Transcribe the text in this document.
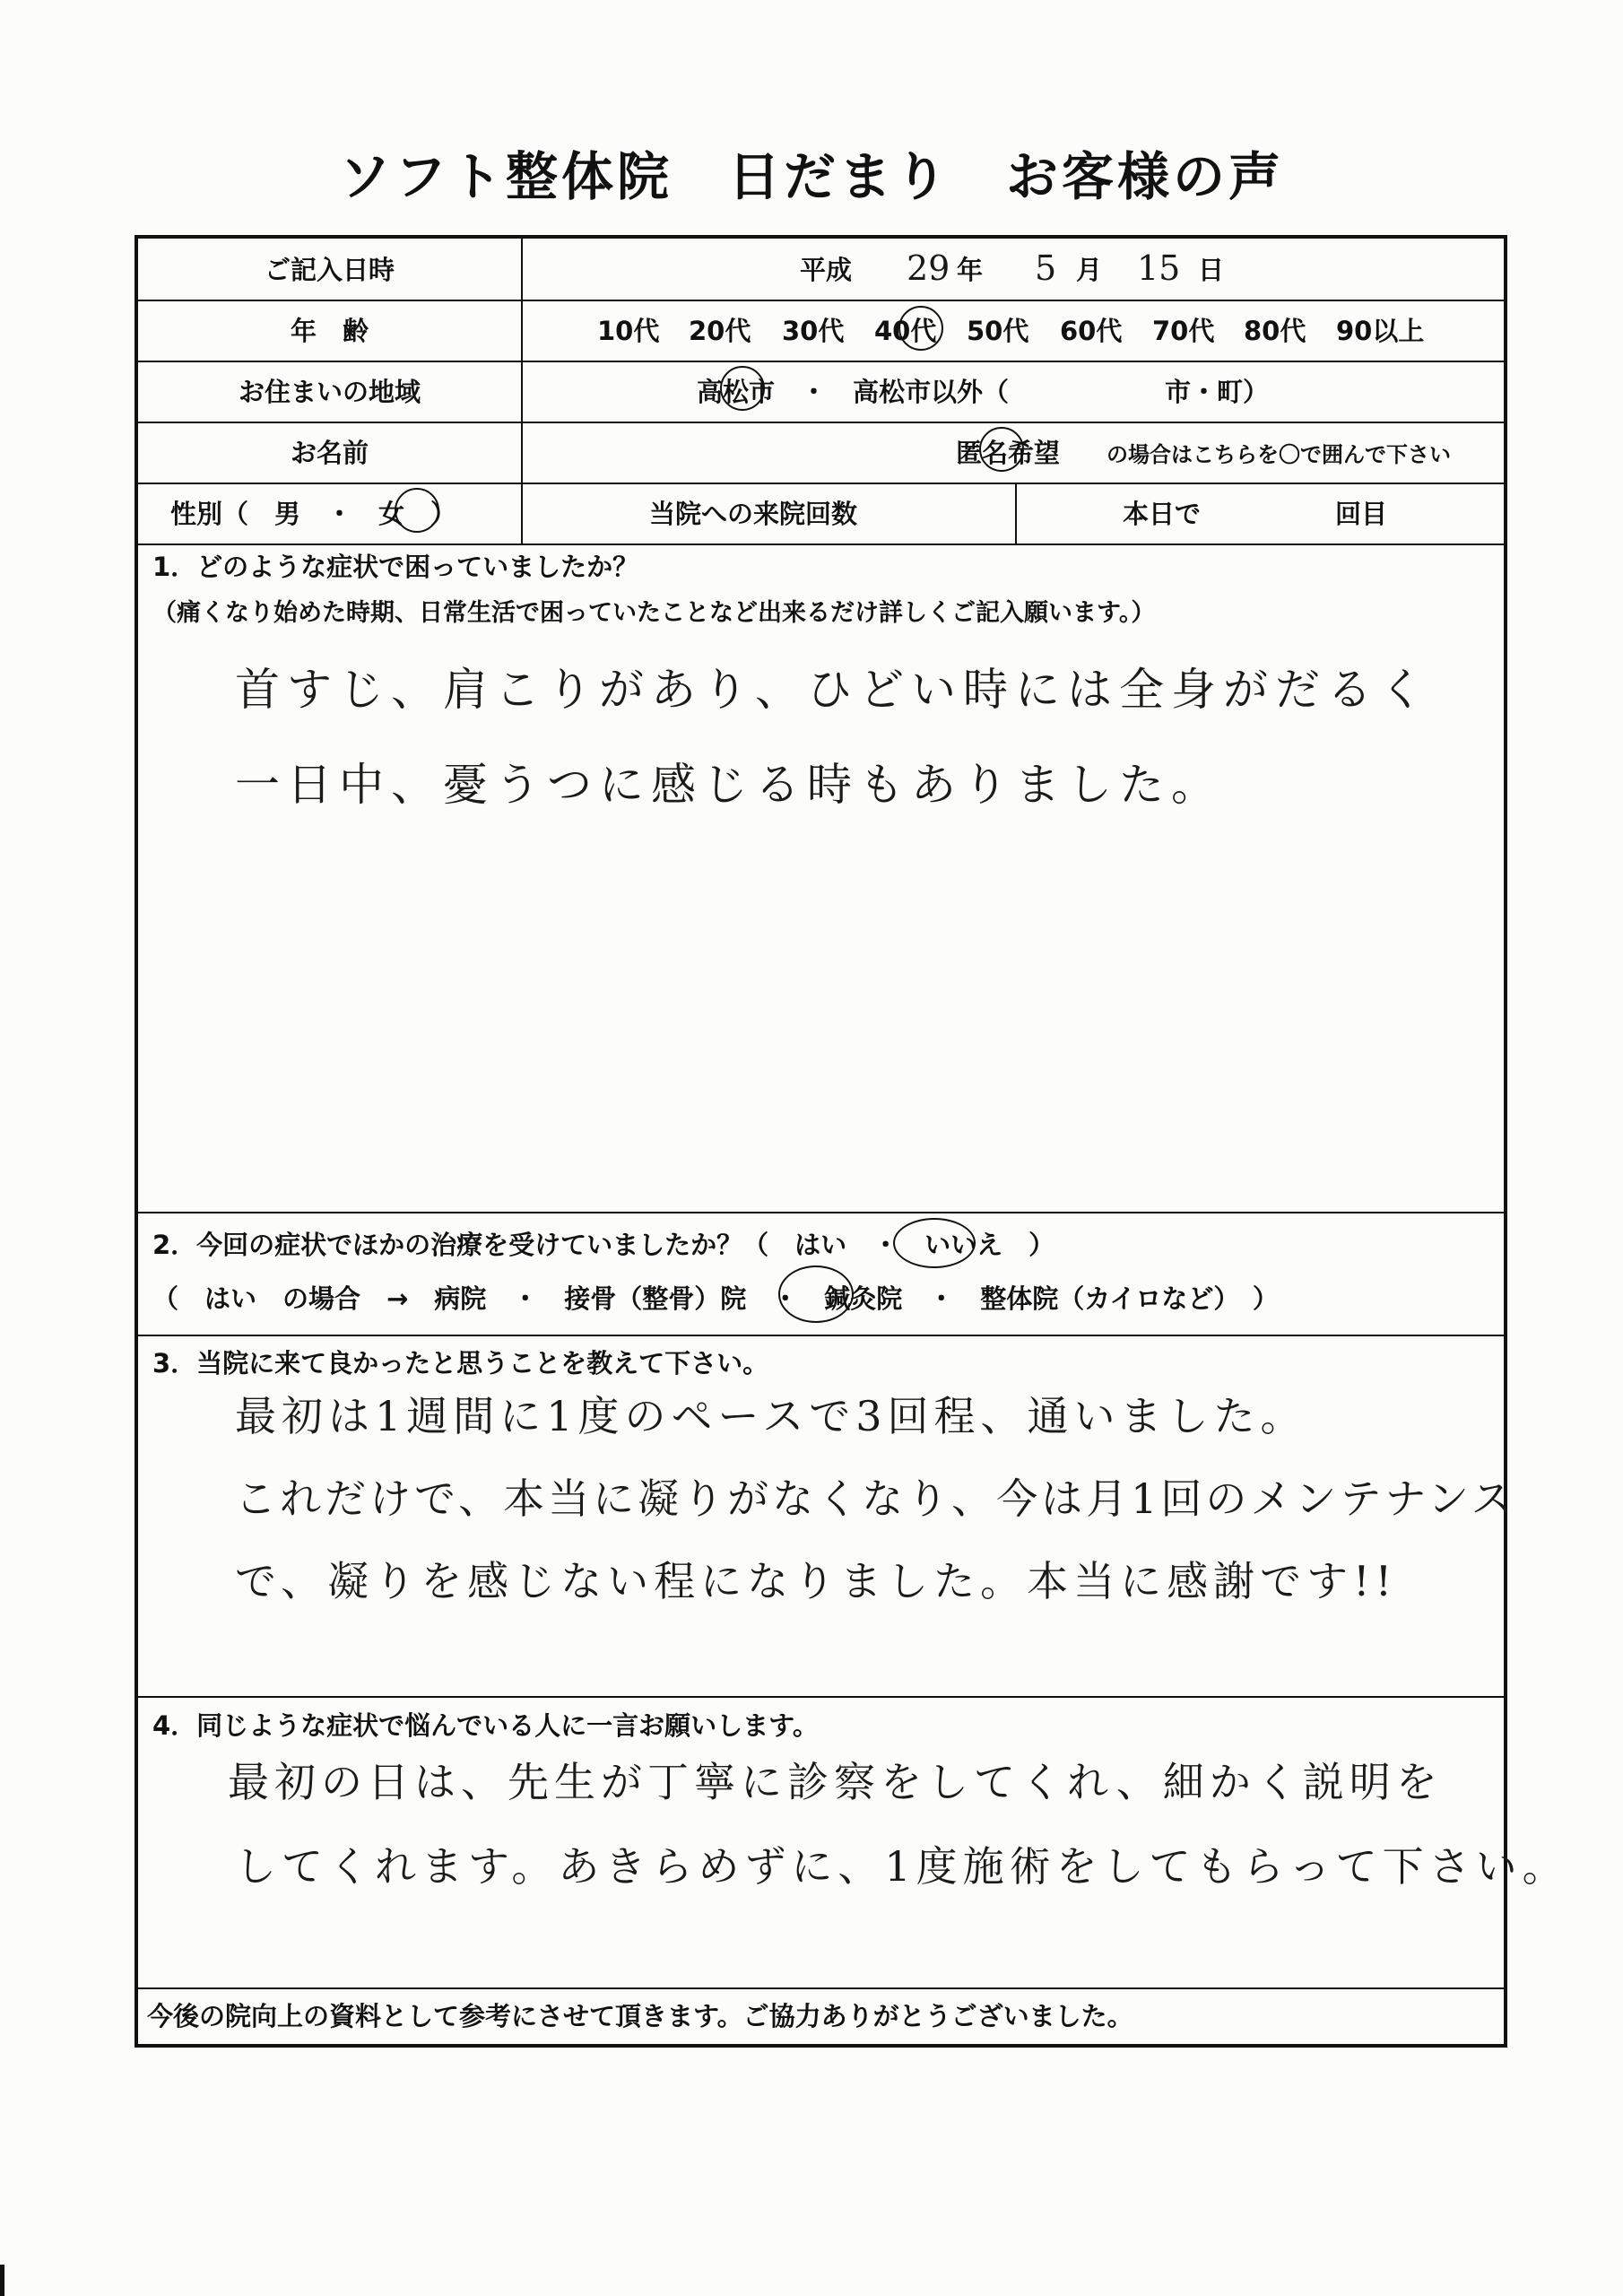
ソフト整体院　日だまり　お客様の声
ご記入日時	平成 29 年 5 月 15 日
年　齢	10代 20代 30代 40代 50代 60代 70代 80代 90以上
お住まいの地域	高松市　・　高松市以外（　　　　　　市・町）
お名前	匿名希望 の場合はこちらを〇で囲んで下さい
性別（　男　・　女　）	当院への来院回数	本日で	回目
1．どのような症状で困っていましたか？
（痛くなり始めた時期、日常生活で困っていたことなど出来るだけ詳しくご記入願います。）
首すじ、肩こりがあり、ひどい時には全身がだるく
一日中、憂うつに感じる時もありました。
2．今回の症状でほかの治療を受けていましたか？（　はい　・　いいえ　）
（　はい　の場合　→　病院　・　接骨（整骨）院　・　鍼灸院　・　整体院（カイロなど）　）
3．当院に来て良かったと思うことを教えて下さい。
最初は1週間に1度のペースで3回程、通いました。
これだけで、本当に凝りがなくなり、今は月1回のメンテナンス
で、凝りを感じない程になりました。本当に感謝です!!
4．同じような症状で悩んでいる人に一言お願いします。
最初の日は、先生が丁寧に診察をしてくれ、細かく説明を
してくれます。あきらめずに、1度施術をしてもらって下さい。
今後の院向上の資料として参考にさせて頂きます。ご協力ありがとうございました。
